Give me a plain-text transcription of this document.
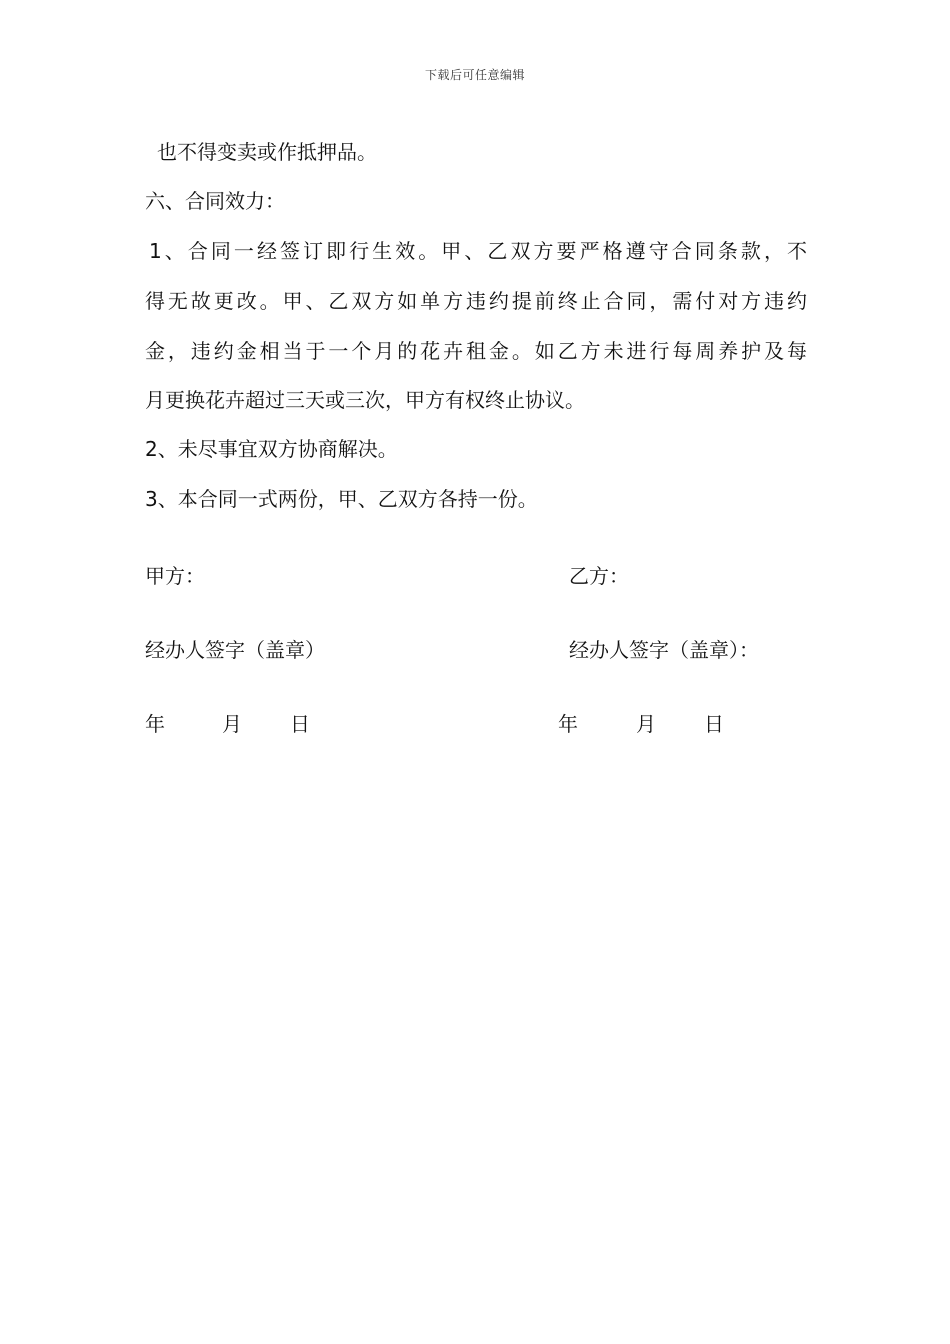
下载后可任意编辑
也不得变卖或作抵押品。
六、合同效力：
1、合同一经签订即行生效。甲、乙双方要严格遵守合同条款，不
得无故更改。甲、乙双方如单方违约提前终止合同，需付对方违约
金，违约金相当于一个月的花卉租金。如乙方未进行每周养护及每
月更换花卉超过三天或三次，甲方有权终止协议。
2、未尽事宜双方协商解决。
3、本合同一式两份，甲、乙双方各持一份。
甲方：
经办人签字（盖章）
年	月 日
乙方：
经办人签字（盖章）：
年	月 日
